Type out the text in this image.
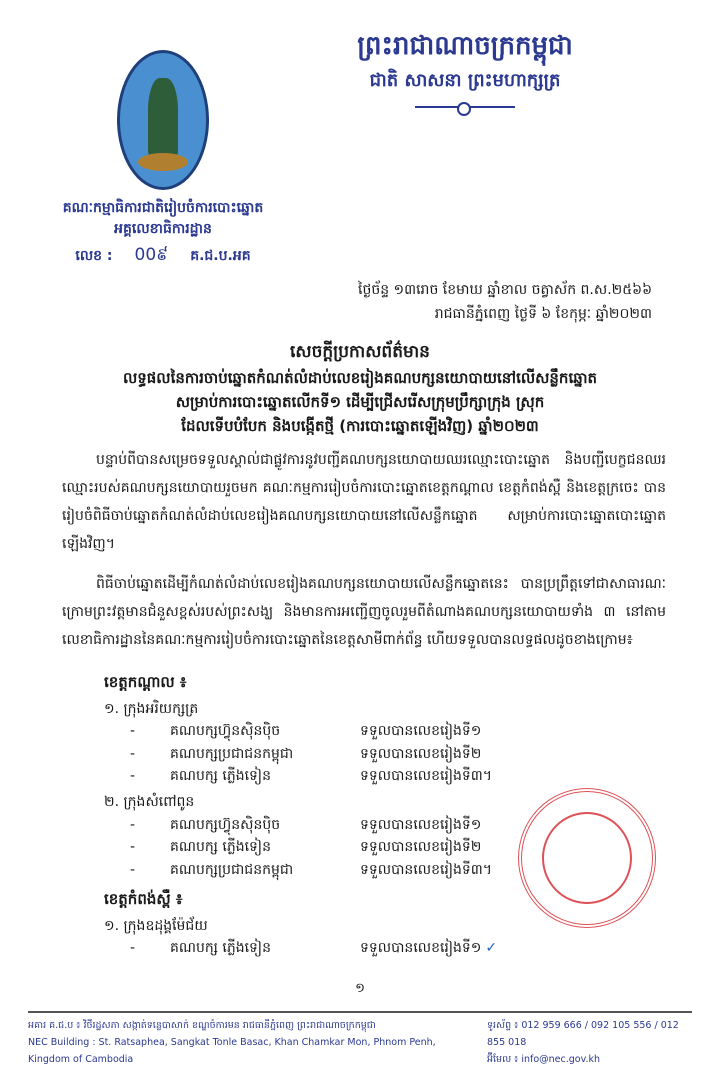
គណៈកម្មាធិការជាតិរៀបចំការបោះឆ្នោត
អគ្គលេខាធិការដ្ឋាន
លេខ : 00៩ គ.ជ.ប.អគ
ព្រះរាជាណាចក្រកម្ពុជា
ជាតិ សាសនា ព្រះមហាក្សត្រ
ថ្ងៃច័ន្ទ ១៣រោច ខែមាឃ ឆ្នាំខាល ចត្វាស័ក ព.ស.២៥៦៦
រាជធានីភ្នំពេញ ថ្ងៃទី ៦ ខែកុម្ភៈ ឆ្នាំ២០២៣
សេចក្តីប្រកាសព័ត៌មាន
លទ្ធផលនៃការចាប់ឆ្នោតកំណត់លំដាប់លេខរៀងគណបក្សនយោបាយនៅលើសន្លឹកឆ្នោត
សម្រាប់ការបោះឆ្នោតលើកទី១ ដើម្បីជ្រើសរើសក្រុមប្រឹក្សាក្រុង ស្រុក
ដែលទើបបំបែក និងបង្កើតថ្មី (ការបោះឆ្នោតឡើងវិញ) ឆ្នាំ២០២៣
បន្ទាប់ពីបានសម្រេចទទួលស្គាល់ជាផ្លូវការនូវបញ្ជីគណបក្សនយោបាយឈរឈ្មោះបោះឆ្នោត និងបញ្ជីបេក្ខជនឈរឈ្មោះរបស់គណបក្សនយោបាយរួចមក គណៈកម្មការរៀបចំការបោះឆ្នោតខេត្តកណ្តាល ខេត្តកំពង់ស្ពឺ និងខេត្តក្រចេះ បានរៀបចំពិធីចាប់ឆ្នោតកំណត់លំដាប់លេខរៀងគណបក្សនយោបាយនៅលើសន្លឹកឆ្នោត សម្រាប់ការបោះឆ្នោតបោះឆ្នោតឡើងវិញ។
ពិធីចាប់ឆ្នោតដើម្បីកំណត់លំដាប់លេខរៀងគណបក្សនយោបាយលើសន្លឹកឆ្នោតនេះ បានប្រព្រឹត្តទៅជាសាធារណៈ ក្រោមព្រះវត្តមានជំនួសខ្ពស់របស់ព្រះសង្ឃ និងមានការអញ្ជើញចូលរួមពីតំណាងគណបក្សនយោបាយទាំង ៣ នៅតាមលេខាធិការដ្ឋាននៃគណៈកម្មការរៀបចំការបោះឆ្នោតនៃខេត្តសាមីពាក់ព័ន្ធ ហើយទទួលបានលទ្ធផលដូចខាងក្រោម៖
ខេត្តកណ្តាល ៖
១. ក្រុងអរិយក្សត្រ
-	គណបក្សហ៊្វុនស៊ិនប៉ិច	ទទួលបានលេខរៀងទី១
-	គណបក្សប្រជាជនកម្ពុជា	ទទួលបានលេខរៀងទី២
-	គណបក្ស ភ្លើងទៀន	ទទួលបានលេខរៀងទី៣។
២. ក្រុងសំពៅពូន
-	គណបក្សហ៊្វុនស៊ិនប៉ិច	ទទួលបានលេខរៀងទី១
-	គណបក្ស ភ្លើងទៀន	ទទួលបានលេខរៀងទី២
-	គណបក្សប្រជាជនកម្ពុជា	ទទួលបានលេខរៀងទី៣។
ខេត្តកំពង់ស្ពឺ ៖
១. ក្រុងឧដុង្គម៉ែជ័យ
-	គណបក្ស ភ្លើងទៀន	ទទួលបានលេខរៀងទី១ ✓
១
អគារ គ.ជ.ប ៖ វិថីរដ្ឋសភា សង្កាត់ទន្លេបាសាក់ ខណ្ឌចំការមន រាជធានីភ្នំពេញ ព្រះរាជាណាចក្រកម្ពុជា
NEC Building : St. Ratsaphea, Sangkat Tonle Basac, Khan Chamkar Mon, Phnom Penh, Kingdom of Cambodia
ទូរស័ព្ទ ៖ 012 959 666 / 092 105 556 / 012 855 018
អ៊ីមែល ៖ info@nec.gov.kh
